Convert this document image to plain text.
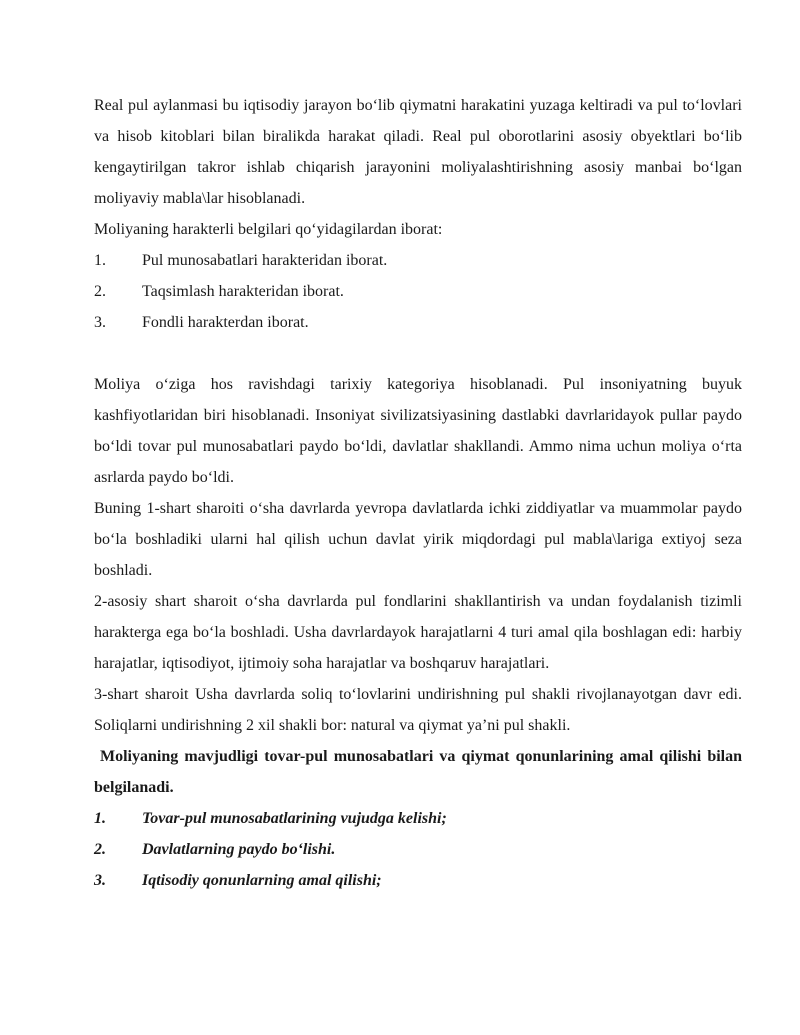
Real pul aylanmasi bu iqtisodiy jarayon bo‘lib qiymatni harakatini yuzaga keltiradi va pul to‘lovlari va hisob kitoblari bilan biralikda harakat qiladi. Real pul oborotlarini asosiy obyektlari bo‘lib kengaytirilgan takror ishlab chiqarish jarayonini moliyalashtirishning asosiy manbai bo‘lgan moliyaviy mabla\lar hisoblanadi.

Moliyaning harakterli belgilari qo‘yidagilardan iborat:

1.	Pul munosabatlari harakteridan iborat.
2.	Taqsimlash harakteridan iborat.
3.	Fondli harakterdan iborat.

Moliya o‘ziga hos ravishdagi tarixiy kategoriya hisoblanadi. Pul insoniyatning buyuk kashfiyotlaridan biri hisoblanadi. Insoniyat sivilizatsiyasining dastlabki davrlaridayok pullar paydo bo‘ldi tovar pul munosabatlari paydo bo‘ldi, davlatlar shakllandi. Ammo nima uchun moliya o‘rta asrlarda paydo bo‘ldi.

Buning 1-shart sharoiti o‘sha davrlarda yevropa davlatlarda ichki ziddiyatlar va muammolar paydo bo‘la boshladiki ularni hal qilish uchun davlat yirik miqdordagi pul mabla\lariga extiyoj seza boshladi.

2-asosiy shart sharoit o‘sha davrlarda pul fondlarini shakllantirish va undan foydalanish tizimli harakterga ega bo‘la boshladi. Usha davrlardayok harajatlarni 4 turi amal qila boshlagan edi: harbiy harajatlar, iqtisodiyot, ijtimoiy soha harajatlar va boshqaruv harajatlari.

3-shart sharoit Usha davrlarda soliq to‘lovlarini undirishning pul shakli rivojlanayotgan davr edi. Soliqlarni undirishning 2 xil shakli bor: natural va qiymat ya’ni pul shakli.

Moliyaning mavjudligi tovar-pul munosabatlari va qiymat qonunlarining amal qilishi bilan belgilanadi.

1.	Tovar-pul munosabatlarining vujudga kelishi;
2.	Davlatlarning paydo bo‘lishi.
3.	Iqtisodiy qonunlarning amal qilishi;
